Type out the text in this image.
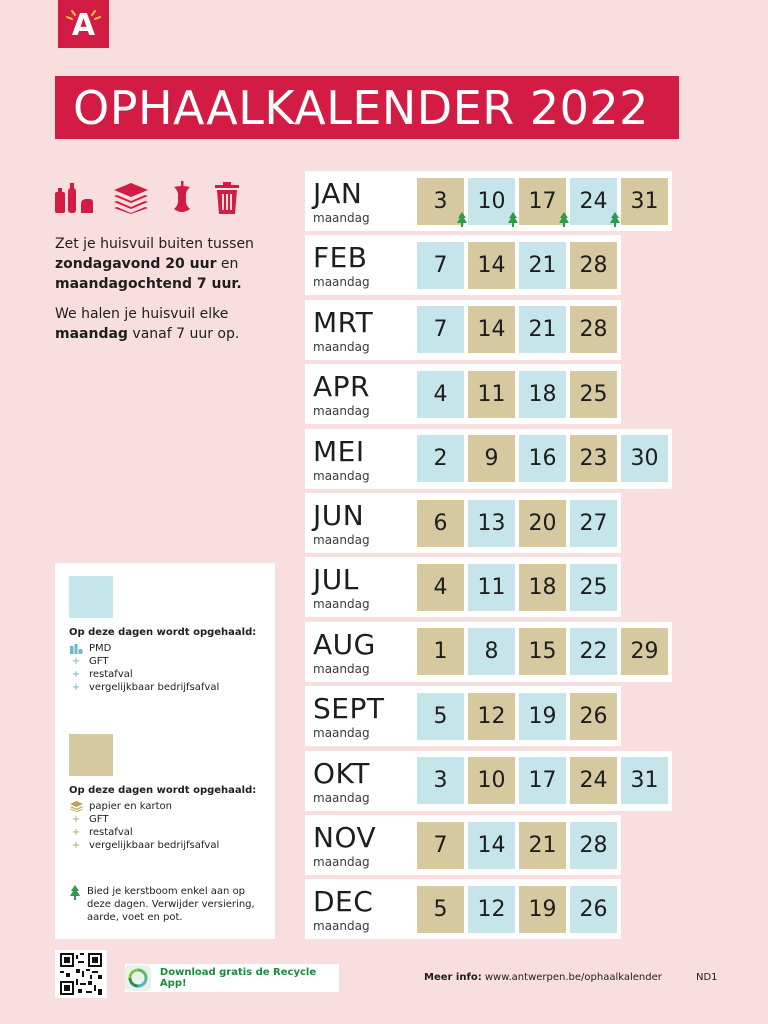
A
OPHAALKALENDER 2022

Zet je huisvuil buiten tussen zondagavond 20 uur en maandagochtend 7 uur.

We halen je huisvuil elke maandag vanaf 7 uur op.

Op deze dagen wordt opgehaald:
PMD
+ GFT
+ restafval
+ vergelijkbaar bedrijfsafval
Op deze dagen wordt opgehaald:
papier en karton
+ GFT
+ restafval
+ vergelijkbaar bedrijfsafval
Bied je kerstboom enkel aan op deze dagen. Verwijder versiering, aarde, voet en pot.
Download gratis de Recycle App!
Meer info: www.antwerpen.be/ophaalkalender	ND1
JAN
maandag
3 10 17 24 31
FEB
maandag
7 14 21 28
MRT
maandag
7 14 21 28
APR
maandag
4 11 18 25
MEI
maandag
2 9 16 23 30
JUN
maandag
6 13 20 27
JUL
maandag
4 11 18 25
AUG
maandag
1 8 15 22 29
SEPT
maandag
5 12 19 26
OKT
maandag
3 10 17 24 31
NOV
maandag
7 14 21 28
DEC
maandag
5 12 19 26
